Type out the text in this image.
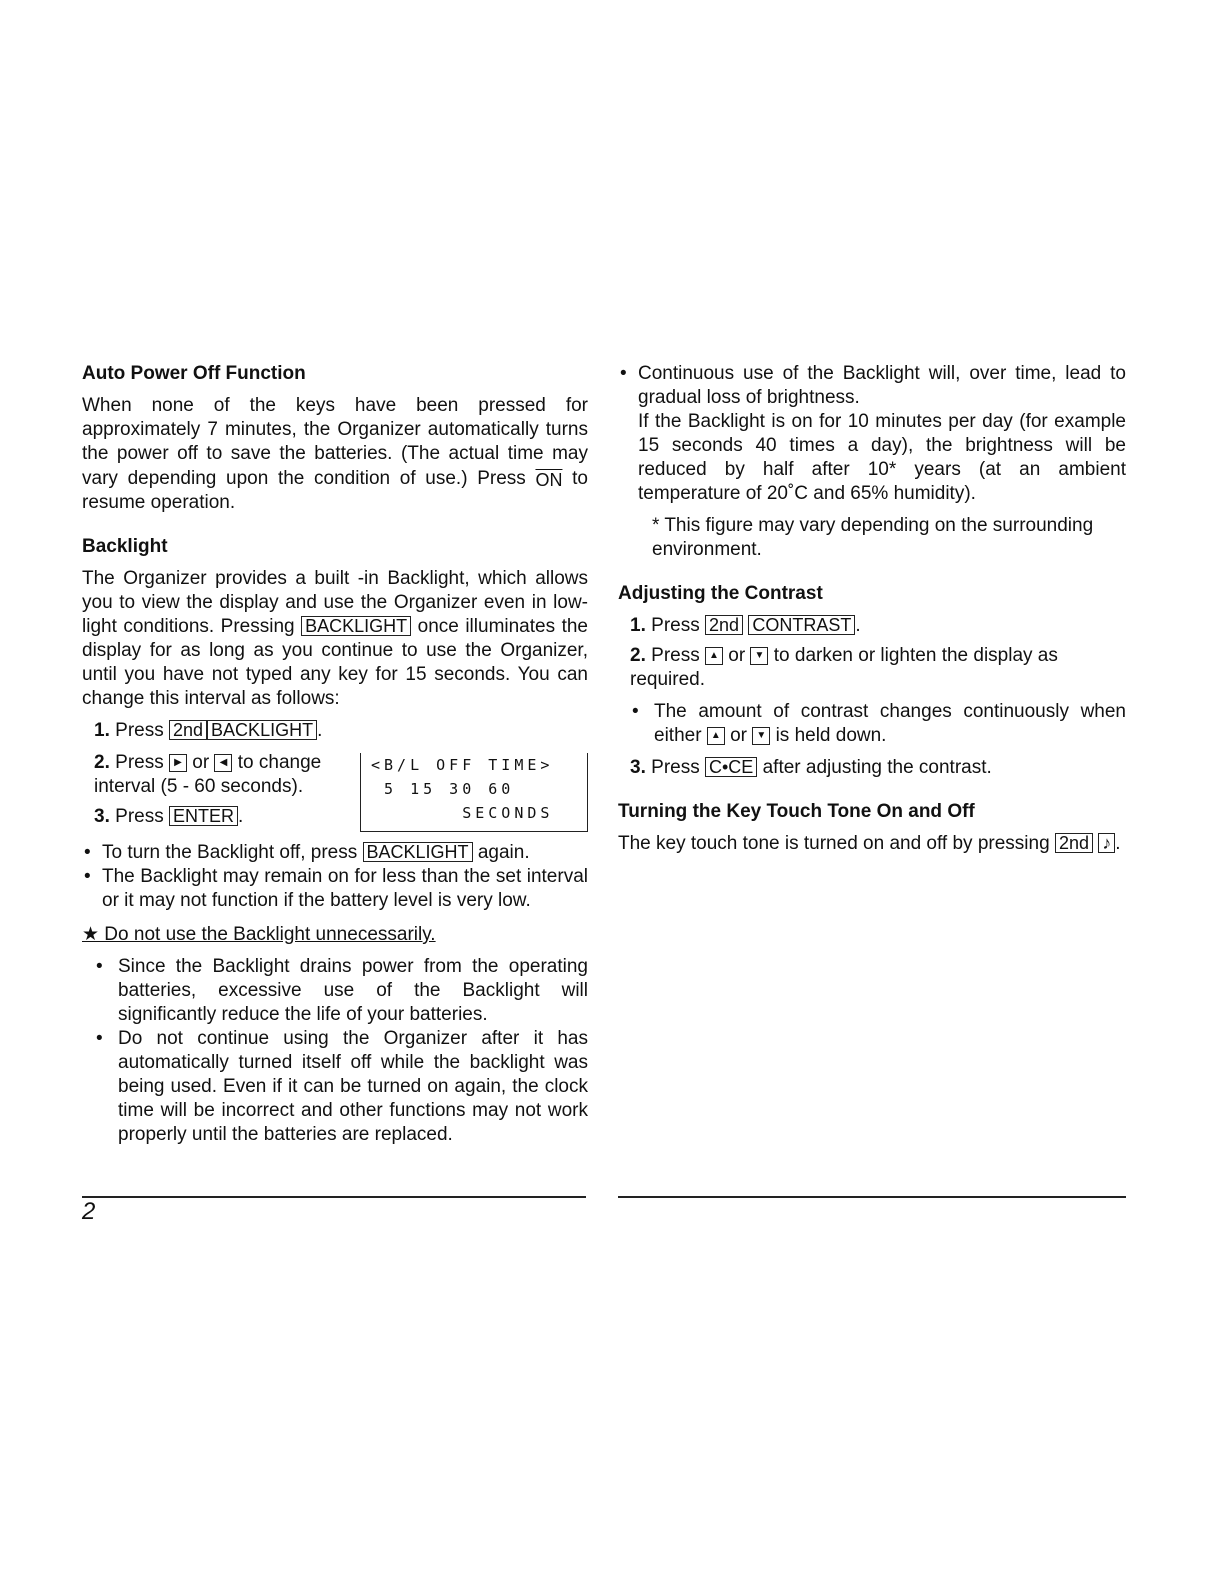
Auto Power Off Function

When none of the keys have been pressed for approximately 7 minutes, the Organizer automatically turns the power off to save the batteries. (The actual time may vary depending upon the condition of use.) Press $\overline{ON}$ to resume operation.

Backlight

The Organizer provides a built -in Backlight, which allows you to view the display and use the Organizer even in low-light conditions. Pressing BACKLIGHT once illuminates the display for as long as you continue to use the Organizer, until you have not typed any key for 15 seconds. You can change this interval as follows:

1. Press 2nd BACKLIGHT .
2. Press ▶ or ◀ to change interval (5 - 60 seconds).
3. Press ENTER .
<B/L OFF TIME>
5 15 30 60
SECONDS
• To turn the Backlight off, press BACKLIGHT again.
• The Backlight may remain on for less than the set interval or it may not function if the battery level is very low.
★ Do not use the Backlight unnecessarily.
• Since the Backlight drains power from the operating batteries, excessive use of the Backlight will significantly reduce the life of your batteries.
• Do not continue using the Organizer after it has automatically turned itself off while the backlight was being used. Even if it can be turned on again, the clock time will be incorrect and other functions may not work properly until the batteries are replaced.
• Continuous use of the Backlight will, over time, lead to gradual loss of brightness.
If the Backlight is on for 10 minutes per day (for example 15 seconds 40 times a day), the brightness will be reduced by half after 10* years (at an ambient temperature of 20˚C and 65% humidity).
* This figure may vary depending on the surrounding environment.
Adjusting the Contrast
1. Press 2nd CONTRAST .
2. Press ▲ or ▼ to darken or lighten the display as required.
• The amount of contrast changes continuously when either ▲ or ▼ is held down.
3. Press C•CE after adjusting the contrast.
Turning the Key Touch Tone On and Off

The key touch tone is turned on and off by pressing 2nd ♪ .

2
